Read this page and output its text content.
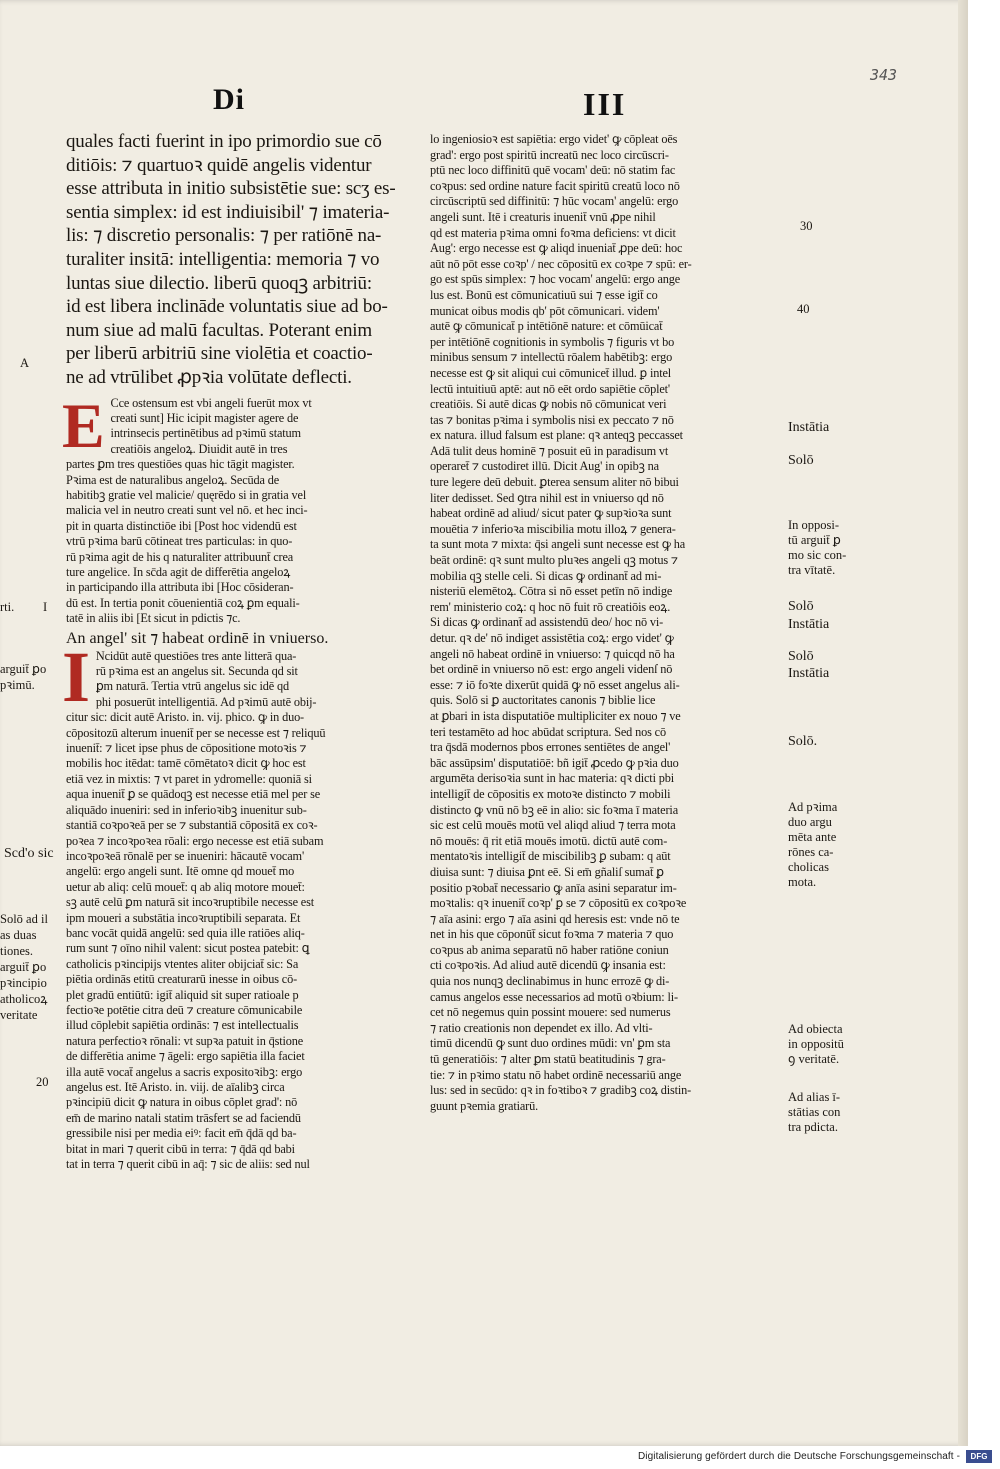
343
Di	III
quales facti fuerint in ipo primordio sue cō
ditiōis: ⁊ quartuoꝛ quidē angelis videntur
esse attributa in initio subsistētie sue: scʒ es-
sentia simplex: id est indiuisibil' ⁊ imateria-
lis: ⁊ discretio personalis: ⁊ per ratiōnē na-
turaliter insitā: intelligentia: memoria ⁊ vo
luntas siue dilectio. liberū quoqꝫ arbitriū:
id est libera inclināde voluntatis siue ad bo-
num siue ad malū facultas. Poterant enim
per liberū arbitriū sine violētia et coactio-
ne ad vtrūlibet ꝓpꝛia volūtate deflecti.
E Cce ostensum est vbi angeli fuerūt mox vt
creati sunt] Hic icipit magister agere de
intrinsecis pertinētibus ad pꝛimū statum
creatiōis angeloꝝ. Diuidit autē in tres
partes ꝑm tres questiōes quas hic tāgit magister.
Pꝛima est de naturalibus angeloꝝ. Secūda de
habitibꝫ gratie vel malicie/ quęrēdo si in gratia vel
malicia vel in neutro creati sunt vel nō. et hec inci-
pit in quarta distinctiōe ibi [Post hoc videndū est
vtrū pꝛima barū cōtineat tres particulas: in quo-
rū pꝛima agit de his q naturaliter attribuunt̄ crea
ture angelice. In sc̄da agit de differētia angeloꝝ
in participando illa attributa ibi [Hoc cōsideran-
dū est. In tertia ponit cōuenientiā coꝝ ꝑm equali-
tatē in aliis ibi [Et sicut in pdictis ⁊c.
An angel' sit ⁊ habeat ordinē in vniuerso.
I Ncidūt autē questiōes tres ante litterā qua-
rū pꝛima est an angelus sit. Secunda qd sit
ꝑm naturā. Tertia vtrū angelus sic idē qd
phi posuerūt intelligentiā. Ad pꝛimū autē obij-
citur sic: dicit autē Aristo. in. vij. phico. ꝙ in duo-
cōpositozū alterum inuenit̄ per se necesse est ⁊ reliquū
inuenit̄: ⁊ licet ipse phus de cōpositione motoꝛis ⁊
mobilis hoc itēdat: tamē cōmētatoꝛ dicit ꝙ hoc est
etiā vez in mixtis: ⁊ vt paret in ydromelle: quoniā si
aqua inuenit̄ ꝑ se quādoqꝫ est necesse etiā mel per se
aliquādo inueniri: sed in inferioꝛibꝫ inuenitur sub-
stantiā coꝛpoꝛeā per se ⁊ substantiā cōpositā ex coꝛ-
poꝛea ⁊ incoꝛpoꝛea rōali: ergo necesse est etiā subam
incoꝛpoꝛeā rōnalē per se inueniri: hācautē vocam'
angelū: ergo angeli sunt. Itē omne qd mouet̄ mo
uetur ab aliq: celū mouet̄: q ab aliq motore mouet̄:
sꝫ autē celū ꝑm naturā sit incoꝛruptibile necesse est
ipm moueri a substātia incoꝛruptibili separata. Et
banc vocāt quidā angelū: sed quia ille ratiōes aliq-
rum sunt ⁊ oīno nihil valent: sicut postea patebit: ꝗ
catholicis pꝛincipijs vtentes aliter obijciat̄ sic: Sa
piētia ordinās etitū creaturarū inesse in oibus cō-
plet gradū entiūtū: igit̄ aliquid sit super ratioale p
fectioꝛe potētie citra deū ⁊ creature cōmunicabile
illud cōplebit sapiētia ordinās: ⁊ est intellectualis
natura perfectioꝛ rōnali: vt supꝛa patuit in q̄stione
de differētia anime ⁊ āgeli: ergo sapiētia illa faciet
illa autē vocat̄ angelus a sacris expositoꝛibꝫ: ergo
angelus est. Itē Aristo. in. viij. de aīalibꝫ circa
pꝛincipiū dicit ꝙ natura in oibus cōplet grad': nō
em̄ de marino natali statim trāsfert se ad faciendū
gressibile nisi per media eiꝰ: facit em̄ q̄dā qd ba-
bitat in mari ⁊ querit cibū in terra: ⁊ q̄dā qd babi
tat in terra ⁊ querit cibū in aq̄: ⁊ sic de aliis: sed nul
lo ingeniosioꝛ est sapiētia: ergo videt' ꝙ cōpleat oēs
grad': ergo post spiritū increatū nec loco circūscri-
ptū nec loco diffinitū quē vocam' deū: nō statim fac
coꝛpus: sed ordine nature facit spiritū creatū loco nō
circūscriptū sed diffinitū: ⁊ hūc vocam' angelū: ergo
angeli sunt. Itē i creaturis inuenit̄ vnū ꝓpe nihil
qd est materia pꝛima omni foꝛma deficiens: vt dicit
Aug': ergo necesse est ꝙ aliqd inueniat̄ ꝓpe deū: hoc
aūt nō pōt esse coꝛp' / nec cōpositū ex coꝛpe ⁊ spū: er-
go est spūs simplex: ⁊ hoc vocam' angelū: ergo ange
lus est. Bonū est cōmunicatiuū sui ⁊ esse igit̄ co
municat oibus modis qb' pōt cōmunicari. videm'
autē ꝙ cōmunicat̄ p intētiōnē nature: et cōmūicat̄
per intētiōnē cognitionis in symbolis ⁊ figuris vt bo
minibus sensum ⁊ intellectū rōalem habētibꝫ: ergo
necesse est ꝙ sit aliqui cui cōmunicet̄ illud. ꝑ intel
lectū intuitiuū aptē: aut nō eēt ordo sapiētie cōplet'
creatiōis. Si autē dicas ꝙ nobis nō cōmunicat veri
tas ⁊ bonitas pꝛima i symbolis nisi ex peccato ⁊ nō
ex natura. illud falsum est plane: qꝛ anteqꝫ peccasset
Adā tulit deus hominē ⁊ posuit eū in paradisum vt
operaret̄ ⁊ custodiret illū. Dicit Aug' in opibꝫ na
ture legere deū debuit. ꝑterea sensum aliter nō bibui
liter dedisset. Sed ꝯtra nihil est in vniuerso qd nō
habeat ordinē ad aliud/ sicut pater ꝙ supꝛioꝛa sunt
mouētia ⁊ inferioꝛa miscibilia motu illoꝝ ⁊ genera-
ta sunt mota ⁊ mixta: q̄si angeli sunt necesse est ꝙ ha
beāt ordinē: qꝛ sunt multo pluꝛes angeli qꝫ motus ⁊
mobilia qꝫ stelle celi. Si dicas ꝙ ordinant̄ ad mi-
nisteriū elemētoꝝ. Cōtra si nō esset petīn nō indige
rem' ministerio coꝝ: q hoc nō fuit rō creatiōis eoꝝ.
Si dicas ꝙ ordinant̄ ad assistendū deo/ hoc nō vi-
detur. qꝛ de' nō indiget assistētia coꝝ: ergo videt' ꝙ
angeli nō habeat ordinē in vniuerso: ⁊ quicqd nō ha
bet ordinē in vniuerso nō est: ergo angeli videnſ nō
esse: ⁊ iō foꝛte dixerūt quidā ꝙ nō esset angelus ali-
quis. Solō si ꝑ auctoritates canonis ⁊ biblie lice
at ꝑbari in ista disputatiōe multipliciter ex nouo ⁊ ve
teri testamēto ad hoc abūdat scriptura. Sed nos cō
tra q̄sdā modernos pbos errones sentiētes de angel'
bāc assūpsim' disputatiōē: bñ igit̄ ꝓcedo ꝙ pꝛia duo
argumēta derisoꝛia sunt in hac materia: qꝛ dicti pbi
intelligit̄ de cōpositis ex motoꝛe distincto ⁊ mobili
distincto ꝙ vnū nō bꝫ eē in alio: sic foꝛma ī materia
sic est celū mouēs motū vel aliqd aliud ⁊ terra mota
nō mouēs: q̄ rit etiā mouēs imotū. dictū autē com-
mentatoꝛis intelligit̄ de miscibilibꝫ ꝑ subam: q aūt
diuisa sunt: ⁊ diuisa ꝑnt eē. Si em̄ gñaliſ sumat̄ ꝑ
positio pꝛobat̄ necessario ꝙ anīa asini separatur im-
moꝛtalis: qꝛ inuenit̄ coꝛp' ꝑ se ⁊ cōpositū ex coꝛpoꝛe
⁊ aīa asini: ergo ⁊ aīa asini qd heresis est: vnde nō te
net in his que cōponūt̄ sicut foꝛma ⁊ materia ⁊ quo
coꝛpus ab anima separatū nō haber ratiōne coniun
cti coꝛpoꝛis. Ad aliud autē dicendū ꝙ insania est:
quia nos nunqꝫ declinabimus in hunc errozē ꝙ di-
camus angelos esse necessarios ad motū oꝛbium: li-
cet nō negemus quin possint mouere: sed numerus
⁊ ratio creationis non dependet ex illo. Ad vlti-
timū dicendū ꝙ sunt duo ordines mūdi: vn' ꝑm sta
tū generatiōis: ⁊ alter ꝑm statū beatitudinis ⁊ gra-
tie: ⁊ in pꝛimo statu nō habet ordinē necessariū ange
lus: sed in secūdo: qꝛ in foꝛtiboꝛ ⁊ gradibꝫ coꝝ distin-
guunt pꝛemia gratiarū.
A
rti. I
arguit̄ ꝑo
pꝛimū.
Scd'o sic
Solō ad il
as duas
tiones.
arguit̄ ꝑo
pꝛincipio
atholicoꝝ
veritate
20
30
40
Instātia
Solō
In opposi-
tū arguit̄ ꝑ
mo sic con-
tra vītatē.
Solō
Instātia
Solō
Instātia
Solō.
Ad pꝛima
duo argu
mēta ante
rōnes ca-
cholicas
mota.
Ad obiecta
in oppositū
ꝯ veritatē.
Ad alias ī-
stātias con
tra pdicta.
Digitalisierung gefördert durch die Deutsche Forschungsgemeinschaft -	DFG
